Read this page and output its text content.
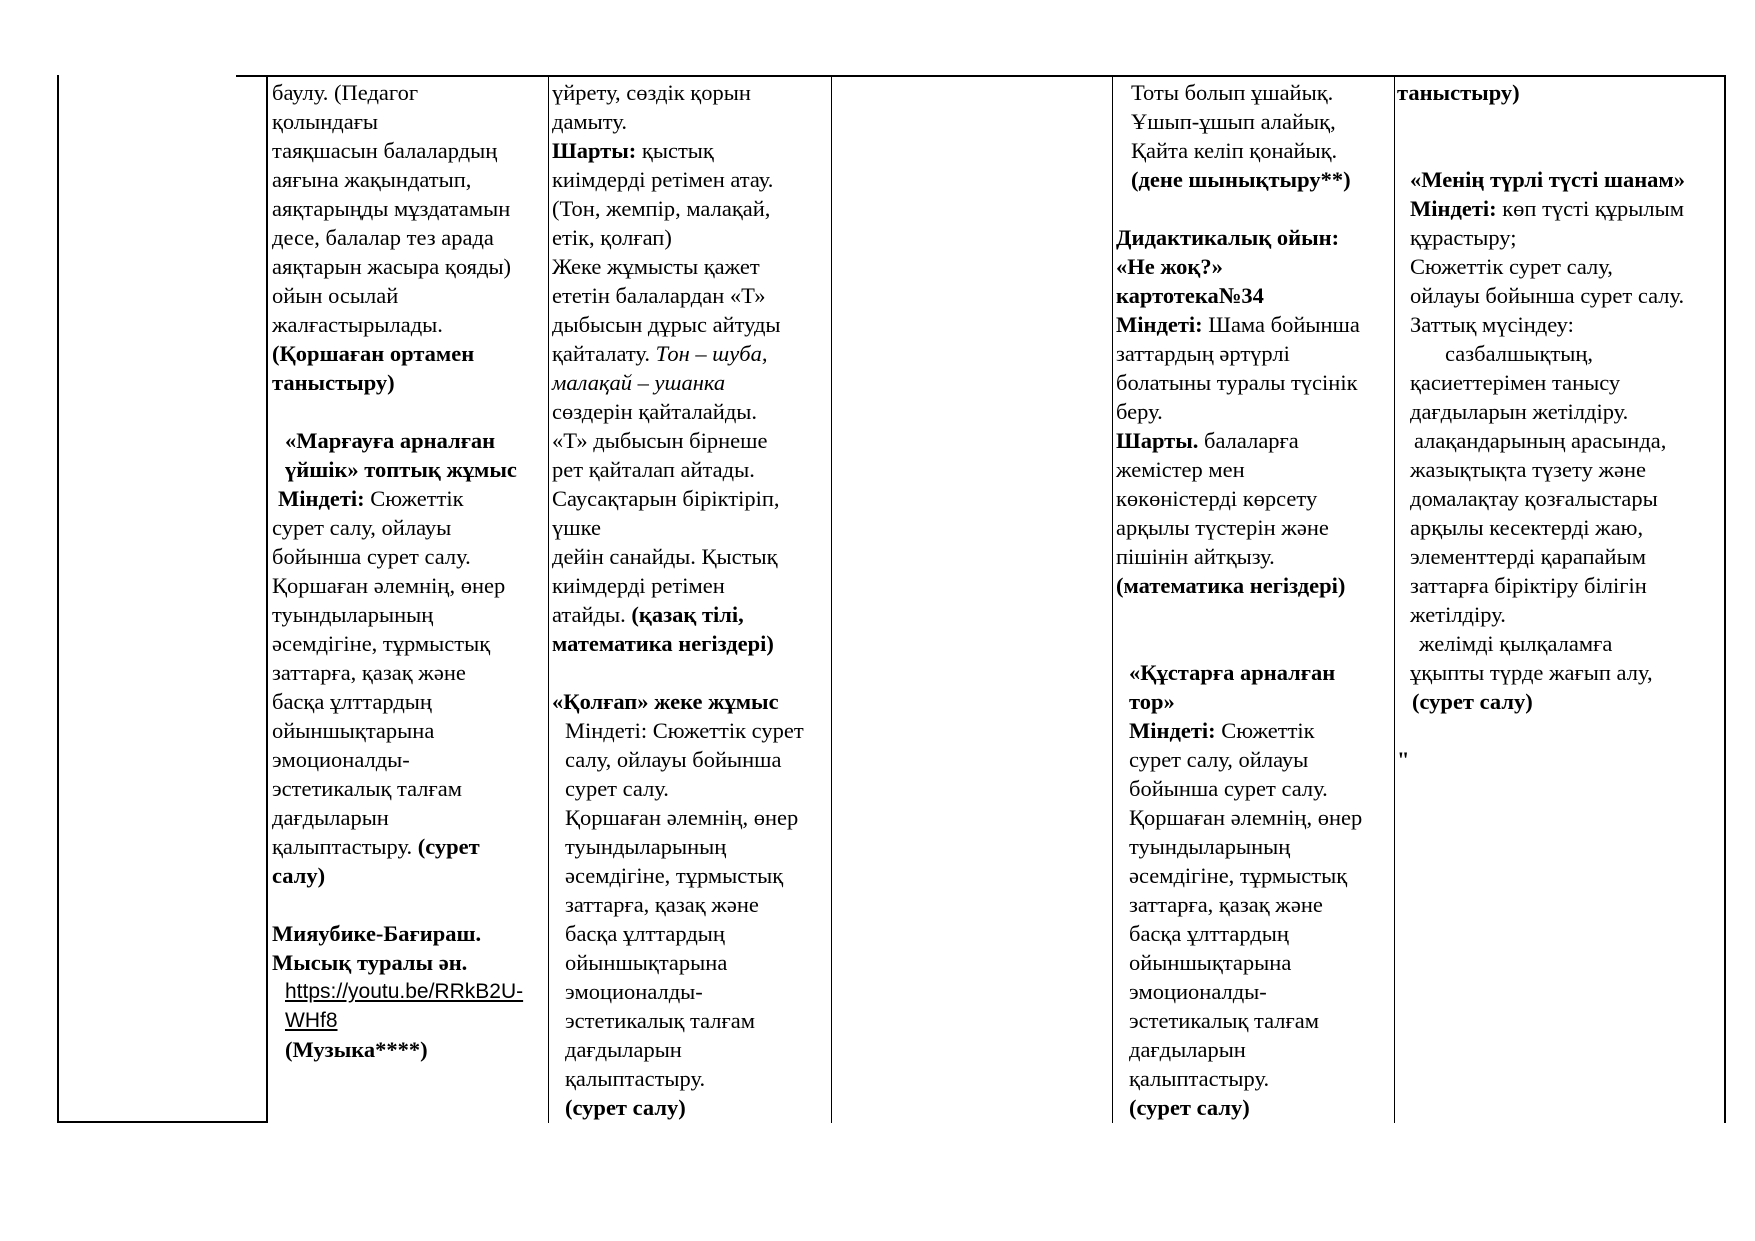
баулу. (Педагог

қолындағы

таяқшасын балалардың

аяғына жақындатып,

аяқтарыңды мұздатамын

десе, балалар тез арада

аяқтарын жасыра қояды)

ойын осылай

жалғастырылады.

(Қоршаған ортамен

таныстыру)

«Марғауға арналған

үйшік» топтық жұмыс

Міндеті: Сюжеттік

сурет салу, ойлауы

бойынша сурет салу.

Қоршаған әлемнің, өнер

туындыларының

әсемдігіне, тұрмыстық

заттарға, қазақ және

басқа ұлттардың

ойыншықтарына

эмоционалды-

эстетикалық талғам

дағдыларын

қалыптастыру. (сурет

салу)

Мияубике-Бағираш.

Мысық туралы ән.

https://youtu.be/RRkB2U-

WHf8

(Музыка****)

үйрету, сөздік қорын

дамыту.

Шарты: қыстық

киімдерді ретімен атау.

(Тон, жемпір, малақай,

етік, қолғап)

Жеке жұмысты қажет

ететін балалардан «Т»

дыбысын дұрыс айтуды

қайталату. Тон – шуба,

малақай – ушанка

сөздерін қайталайды.

«Т» дыбысын бірнеше

рет қайталап айтады.

Саусақтарын біріктіріп,

үшке

дейін санайды. Қыстық

киімдерді ретімен

атайды. (қазақ тілі,

математика негіздері)

«Қолғап» жеке жұмыс

Міндеті: Сюжеттік сурет

салу, ойлауы бойынша

сурет салу.

Қоршаған әлемнің, өнер

туындыларының

әсемдігіне, тұрмыстық

заттарға, қазақ және

басқа ұлттардың

ойыншықтарына

эмоционалды-

эстетикалық талғам

дағдыларын

қалыптастыру.

(сурет салу)

Тоты болып ұшайық.

Ұшып-ұшып алайық,

Қайта келіп қонайық.

(дене шынықтыру**)

Дидактикалық ойын:

«Не жоқ?»

картотека№34

Міндеті: Шама бойынша

заттардың әртүрлі

болатыны туралы түсінік

беру.

Шарты. балаларға

жемістер мен

көкөністерді көрсету

арқылы түстерін және

пішінін айтқызу.

(математика негіздері)

«Құстарға арналған

тор»

Міндеті: Сюжеттік

сурет салу, ойлауы

бойынша сурет салу.

Қоршаған әлемнің, өнер

туындыларының

әсемдігіне, тұрмыстық

заттарға, қазақ және

басқа ұлттардың

ойыншықтарына

эмоционалды-

эстетикалық талғам

дағдыларын

қалыптастыру.

(сурет салу)

таныстыру)

«Менің түрлі түсті шанам»

Міндеті: көп түсті құрылым

құрастыру;

Сюжеттік сурет салу,

ойлауы бойынша сурет салу.

Заттық мүсіндеу:

сазбалшықтың,

қасиеттерімен танысу

дағдыларын жетілдіру.

алақандарының арасында,

жазықтықта түзету және

домалақтау қозғалыстары

арқылы кесектерді жаю,

элементтерді қарапайым

заттарға біріктіру білігін

жетілдіру.

желімді қылқаламға

ұқыпты түрде жағып алу,

(сурет салу)

"
